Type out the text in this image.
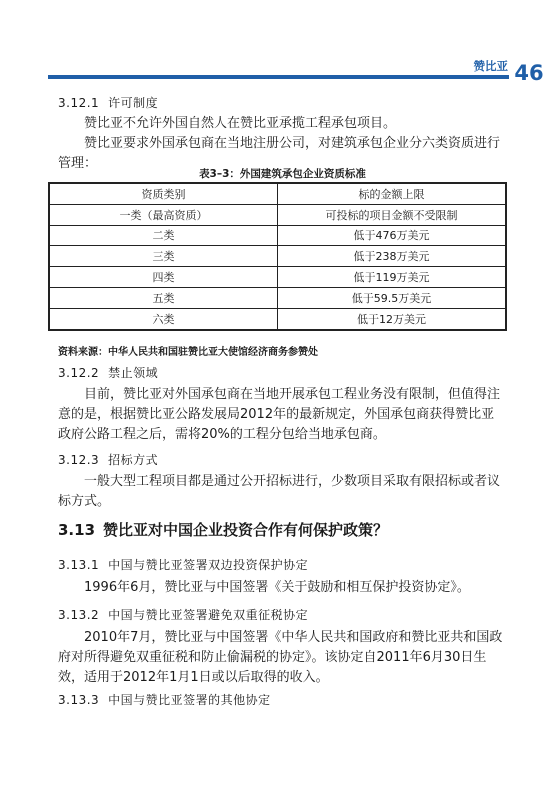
赞比亚 46
3.12.1 许可制度
赞比亚不允许外国自然人在赞比亚承揽工程承包项目。
赞比亚要求外国承包商在当地注册公司，对建筑承包企业分六类资质进行管理：
表3–3：外国建筑承包企业资质标准
资质类别	标的金额上限
一类（最高资质）	可投标的项目金额不受限制
二类	低于476万美元
三类	低于238万美元
四类	低于119万美元
五类	低于59.5万美元
六类	低于12万美元
资料来源：中华人民共和国驻赞比亚大使馆经济商务参赞处
3.12.2 禁止领域
目前，赞比亚对外国承包商在当地开展承包工程业务没有限制，但值得注意的是，根据赞比亚公路发展局2012年的最新规定，外国承包商获得赞比亚政府公路工程之后，需将20%的工程分包给当地承包商。
3.12.3 招标方式
一般大型工程项目都是通过公开招标进行，少数项目采取有限招标或者议标方式。
3.13 赞比亚对中国企业投资合作有何保护政策？
3.13.1 中国与赞比亚签署双边投资保护协定
1996年6月，赞比亚与中国签署《关于鼓励和相互保护投资协定》。
3.13.2 中国与赞比亚签署避免双重征税协定
2010年7月，赞比亚与中国签署《中华人民共和国政府和赞比亚共和国政府对所得避免双重征税和防止偷漏税的协定》。该协定自2011年6月30日生效，适用于2012年1月1日或以后取得的收入。
3.13.3 中国与赞比亚签署的其他协定
